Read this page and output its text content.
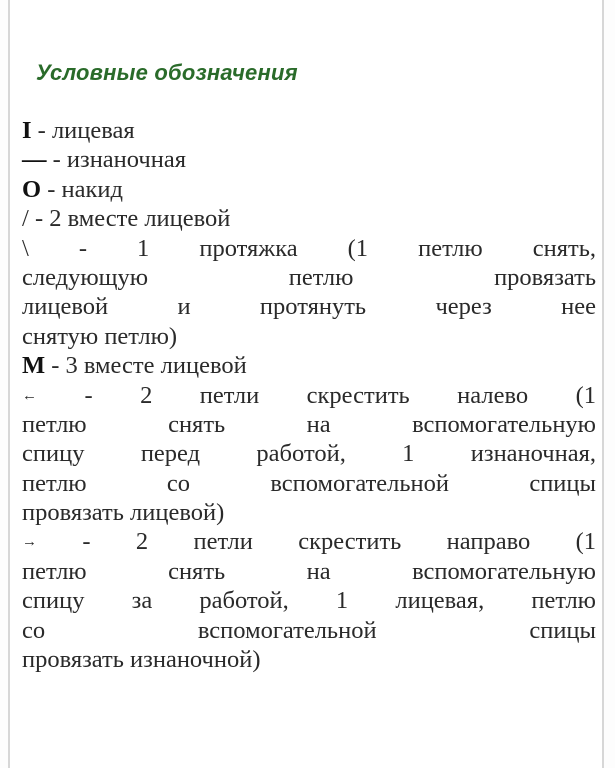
Условные обозначения
I - лицевая
— - изнаночная
О - накид
/ - 2 вместе лицевой
\ - 1 протяжка (1 петлю снять,
следующую петлю провязать
лицевой и протянуть через нее
снятую петлю)
М - 3 вместе лицевой
← - 2 петли скрестить налево (1
петлю снять на вспомогательную
спицу перед работой, 1 изнаночная,
петлю со вспомогательной спицы
провязать лицевой)
→ - 2 петли скрестить направо (1
петлю снять на вспомогательную
спицу за работой, 1 лицевая, петлю
со вспомогательной спицы
провязать изнаночной)
